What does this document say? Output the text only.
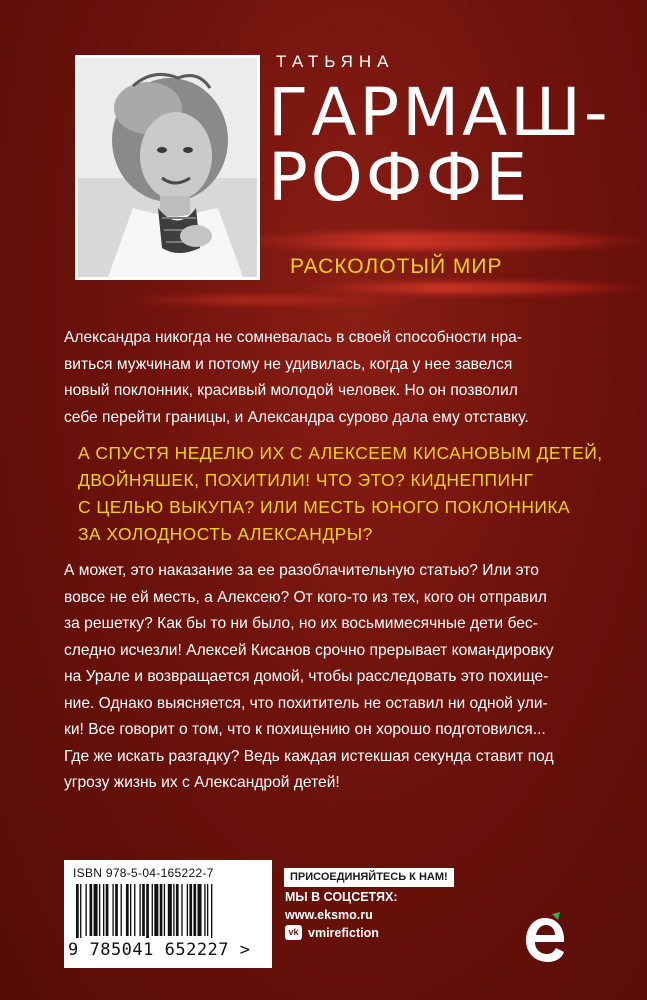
ТАТЬЯНА
ГАРМАШ-
РОФФЕ
РАСКОЛОТЫЙ МИР

Александра никогда не сомневалась в своей способности нра-
виться мужчинам и потому не удивилась, когда у нее завелся
новый поклонник, красивый молодой человек. Но он позволил
себе перейти границы, и Александра сурово дала ему отставку.

А СПУСТЯ НЕДЕЛЮ ИХ С АЛЕКСЕЕМ КИСАНОВЫМ ДЕТЕЙ,
ДВОЙНЯШЕК, ПОХИТИЛИ! ЧТО ЭТО? КИДНЕППИНГ
С ЦЕЛЬЮ ВЫКУПА? ИЛИ МЕСТЬ ЮНОГО ПОКЛОННИКА
ЗА ХОЛОДНОСТЬ АЛЕКСАНДРЫ?

А может, это наказание за ее разоблачительную статью? Или это
вовсе не ей месть, а Алексею? От кого-то из тех, кого он отправил
за решетку? Как бы то ни было, но их восьмимесячные дети бес-
следно исчезли! Алексей Кисанов срочно прерывает командировку
на Урале и возвращается домой, чтобы расследовать это похище-
ние. Однако выясняется, что похититель не оставил ни одной ули-
ки! Все говорит о том, что к похищению он хорошо подготовился...
Где же искать разгадку? Ведь каждая истекшая секунда ставит под
угрозу жизнь их с Александрой детей!

ISBN 978-5-04-165222-7
9 785041 652227 >
ПРИСОЕДИНЯЙТЕСЬ К НАМ!
МЫ В СОЦСЕТЯХ:
www.eksmo.ru
vk vmirefiction
